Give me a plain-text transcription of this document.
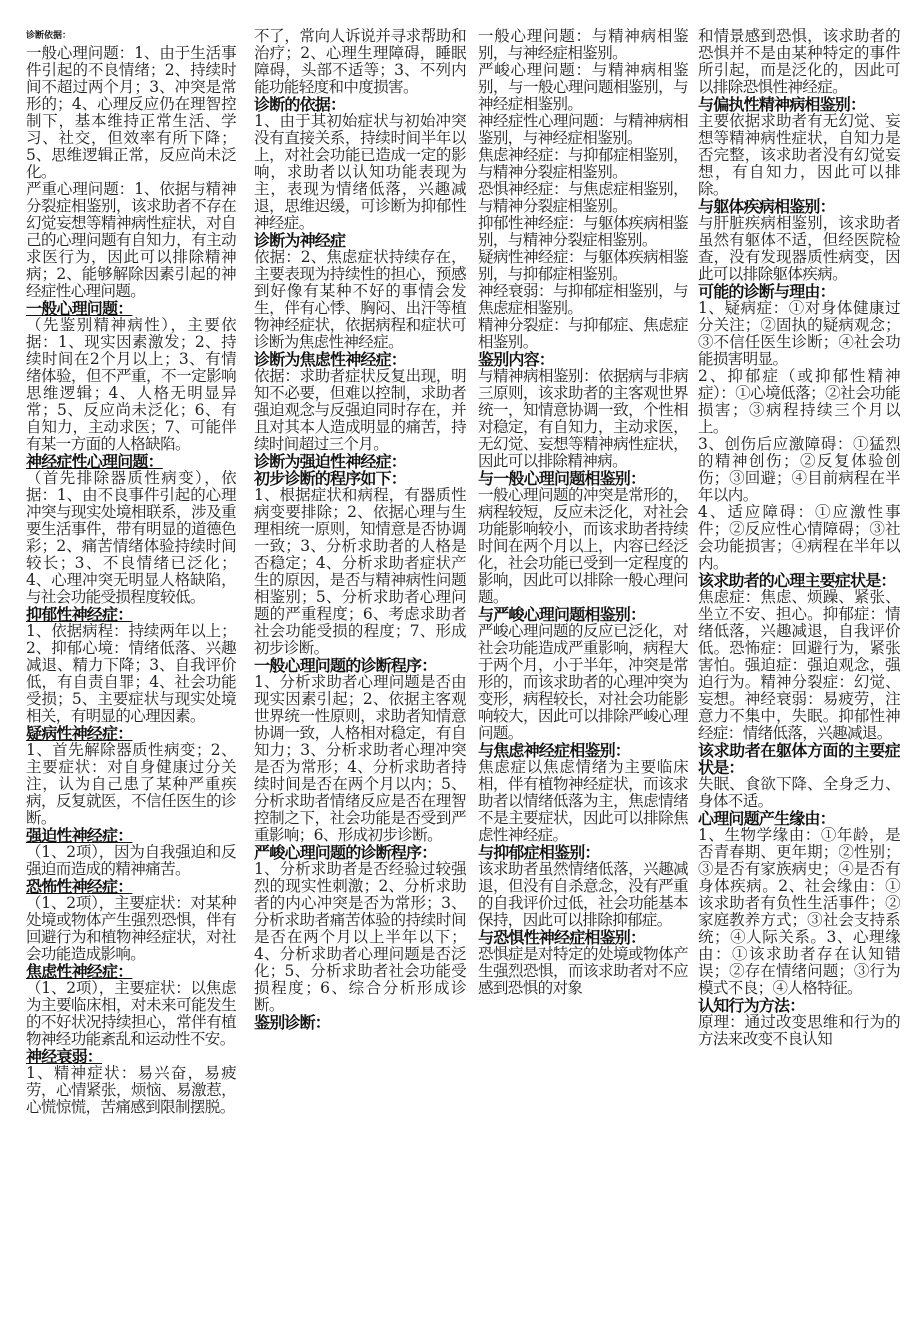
诊断依据：

一般心理问题：1、由于生活事件引起的不良情绪；2、持续时间不超过两个月；3、冲突是常形的；4、心理反应仍在理智控制下，基本维持正常生活、学习、社交，但效率有所下降；5、思维逻辑正常，反应尚未泛化。

严重心理问题：1、依据与精神分裂症相鉴别，该求助者不存在幻觉妄想等精神病性症状，对自己的心理问题有自知力，有主动求医行为，因此可以排除精神病；2、能够解除因素引起的神经症性心理问题。

一般心理问题：

（先鉴别精神病性），主要依据：1、现实因素激发；2、持续时间在2个月以上；3、有情绪体验，但不严重，不一定影响思维逻辑；4、人格无明显异常；5、反应尚未泛化；6、有自知力，主动求医；7、可能伴有某一方面的人格缺陷。

神经症性心理问题：

（首先排除器质性病变），依据：1、由不良事件引起的心理冲突与现实处境相联系，涉及重要生活事件，带有明显的道德色彩；2、痛苦情绪体验持续时间较长；3、不良情绪已泛化；4、心理冲突无明显人格缺陷，与社会功能受损程度较低。

抑郁性神经症：

1、依据病程：持续两年以上；2、抑郁心境：情绪低落、兴趣减退、精力下降；3、自我评价低，有自责自罪；4、社会功能受损；5、主要症状与现实处境相关，有明显的心理因素。

疑病性神经症：

1、首先解除器质性病变；2、主要症状：对自身健康过分关注，认为自己患了某种严重疾病，反复就医，不信任医生的诊断。

强迫性神经症：

（1、2项），因为自我强迫和反强迫而造成的精神痛苦。

恐怖性神经症：

（1、2项），主要症状：对某种处境或物体产生强烈恐惧，伴有回避行为和植物神经症状，对社会功能造成影响。

焦虑性神经症：

（1、2项），主要症状：以焦虑为主要临床相，对未来可能发生的不好状况持续担心，常伴有植物神经功能紊乱和运动性不安。

神经衰弱：

1、精神症状：易兴奋，易疲劳，心情紧张，烦恼、易激惹，心慌惊慌，苦痛感到限制摆脱。

不了，常向人诉说并寻求帮助和治疗；2、心理生理障碍，睡眠障碍，头部不适等；3、不列内能功能轻度和中度损害。

诊断的依据：

1、由于其初始症状与初始冲突没有直接关系，持续时间半年以上，对社会功能已造成一定的影响，求助者以认知功能表现为主，表现为情绪低落，兴趣减退，思维迟缓，可诊断为抑郁性神经症。

诊断为神经症

依据：2、焦虑症状持续存在，主要表现为持续性的担心，预感到好像有某种不好的事情会发生，伴有心悸、胸闷、出汗等植物神经症状，依据病程和症状可诊断为焦虑性神经症。

诊断为焦虑性神经症：

依据：求助者症状反复出现，明知不必要，但难以控制，求助者强迫观念与反强迫同时存在，并且对其本人造成明显的痛苦，持续时间超过三个月。

诊断为强迫性神经症：

初步诊断的程序如下：

1、根据症状和病程，有器质性病变要排除；2、依据心理与生理相统一原则，知情意是否协调一致；3、分析求助者的人格是否稳定；4、分析求助者症状产生的原因，是否与精神病性问题相鉴别；5、分析求助者心理问题的严重程度；6、考虑求助者社会功能受损的程度；7、形成初步诊断。

一般心理问题的诊断程序：

1、分析求助者心理问题是否由现实因素引起；2、依据主客观世界统一性原则，求助者知情意协调一致，人格相对稳定，有自知力；3、分析求助者心理冲突是否为常形；4、分析求助者持续时间是否在两个月以内；5、分析求助者情绪反应是否在理智控制之下，社会功能是否受到严重影响；6、形成初步诊断。

严峻心理问题的诊断程序：

1、分析求助者是否经验过较强烈的现实性刺激；2、分析求助者的内心冲突是否为常形；3、分析求助者痛苦体验的持续时间是否在两个月以上半年以下；4、分析求助者心理问题是否泛化；5、分析求助者社会功能受损程度；6、综合分析形成诊断。

鉴别诊断：

一般心理问题：与精神病相鉴别，与神经症相鉴别。

严峻心理问题：与精神病相鉴别，与一般心理问题相鉴别，与神经症相鉴别。

神经症性心理问题：与精神病相鉴别，与神经症相鉴别。

焦虑神经症：与抑郁症相鉴别，与精神分裂症相鉴别。

恐惧神经症：与焦虑症相鉴别，与精神分裂症相鉴别。

抑郁性神经症：与躯体疾病相鉴别，与精神分裂症相鉴别。

疑病性神经症：与躯体疾病相鉴别，与抑郁症相鉴别。

神经衰弱：与抑郁症相鉴别，与焦虑症相鉴别。

精神分裂症：与抑郁症、焦虑症相鉴别。

鉴别内容：

与精神病相鉴别：依据病与非病三原则，该求助者的主客观世界统一，知情意协调一致，个性相对稳定，有自知力，主动求医，无幻觉、妄想等精神病性症状，因此可以排除精神病。

与一般心理问题相鉴别：

一般心理问题的冲突是常形的，病程较短，反应未泛化，对社会功能影响较小，而该求助者持续时间在两个月以上，内容已经泛化，社会功能已受到一定程度的影响，因此可以排除一般心理问题。

与严峻心理问题相鉴别：

严峻心理问题的反应已泛化，对社会功能造成严重影响，病程大于两个月，小于半年，冲突是常形的，而该求助者的心理冲突为变形，病程较长，对社会功能影响较大，因此可以排除严峻心理问题。

与焦虑神经症相鉴别：

焦虑症以焦虑情绪为主要临床相，伴有植物神经症状，而该求助者以情绪低落为主，焦虑情绪不是主要症状，因此可以排除焦虑性神经症。

与抑郁症相鉴别：

该求助者虽然情绪低落，兴趣减退，但没有自杀意念，没有严重的自我评价过低，社会功能基本保持，因此可以排除抑郁症。

与恐惧性神经症相鉴别：

恐惧症是对特定的处境或物体产生强烈恐惧，而该求助者对不应感到恐惧的对象

和情景感到恐惧，该求助者的恐惧并不是由某种特定的事件所引起，而是泛化的，因此可以排除恐惧性神经症。

与偏执性精神病相鉴别：

主要依据求助者有无幻觉、妄想等精神病性症状，自知力是否完整，该求助者没有幻觉妄想，有自知力，因此可以排除。

与躯体疾病相鉴别：

与肝脏疾病相鉴别，该求助者虽然有躯体不适，但经医院检查，没有发现器质性病变，因此可以排除躯体疾病。

可能的诊断与理由：

1、疑病症：①对身体健康过分关注；②固执的疑病观念；③不信任医生诊断；④社会功能损害明显。

2、抑郁症（或抑郁性精神症）：①心境低落；②社会功能损害；③病程持续三个月以上。

3、创伤后应激障碍：①猛烈的精神创伤；②反复体验创伤；③回避；④目前病程在半年以内。

4、适应障碍：①应激性事件；②反应性心情障碍；③社会功能损害；④病程在半年以内。

该求助者的心理主要症状是：

焦虑症：焦虑、烦躁、紧张、坐立不安、担心。抑郁症：情绪低落，兴趣减退，自我评价低。恐怖症：回避行为，紧张害怕。强迫症：强迫观念，强迫行为。精神分裂症：幻觉、妄想。神经衰弱：易疲劳，注意力不集中，失眠。抑郁性神经症：情绪低落，兴趣减退。

该求助者在躯体方面的主要症状是：

失眠、食欲下降、全身乏力、身体不适。

心理问题产生缘由：

1、生物学缘由：①年龄，是否青春期、更年期；②性别；③是否有家族病史；④是否有身体疾病。2、社会缘由：①该求助者有负性生活事件；②家庭教养方式；③社会支持系统；④人际关系。3、心理缘由：①该求助者存在认知错误；②存在情绪问题；③行为模式不良；④人格特征。

认知行为方法：

原理：通过改变思维和行为的方法来改变不良认知
